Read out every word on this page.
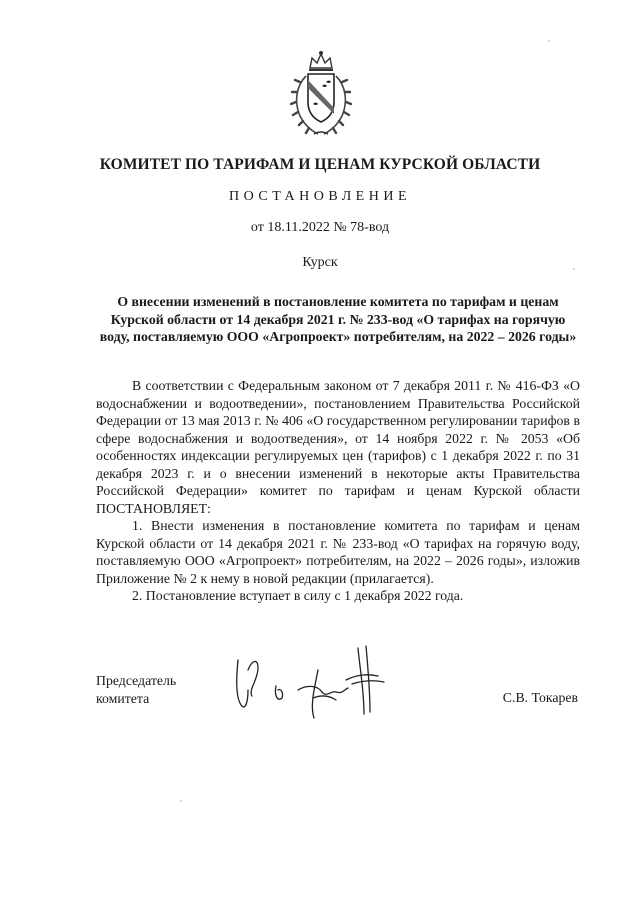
КОМИТЕТ ПО ТАРИФАМ И ЦЕНАМ КУРСКОЙ ОБЛАСТИ
ПОСТАНОВЛЕНИЕ
от 18.11.2022 № 78-вод
Курск
О внесении изменений в постановление комитета по тарифам и ценам Курской области от 14 декабря 2021 г. № 233-вод «О тарифах на горячую воду, поставляемую ООО «Агропроект» потребителям, на 2022 – 2026 годы»

В соответствии с Федеральным законом от 7 декабря 2011 г. № 416-ФЗ «О водоснабжении и водоотведении», постановлением Правительства Российской Федерации от 13 мая 2013 г. № 406 «О государственном регулировании тарифов в сфере водоснабжения и водоотведения», от 14 ноября 2022 г. № 2053 «Об особенностях индексации регулируемых цен (тарифов) с 1 декабря 2022 г. по 31 декабря 2023 г. и о внесении изменений в некоторые акты Правительства Российской Федерации» комитет по тарифам и ценам Курской области ПОСТАНОВЛЯЕТ:

1. Внести изменения в постановление комитета по тарифам и ценам Курской области от 14 декабря 2021 г. № 233-вод «О тарифах на горячую воду, поставляемую ООО «Агропроект» потребителям, на 2022 – 2026 годы», изложив Приложение № 2 к нему в новой редакции (прилагается).

2. Постановление вступает в силу с 1 декабря 2022 года.

Председатель
комитета	С.В. Токарев
